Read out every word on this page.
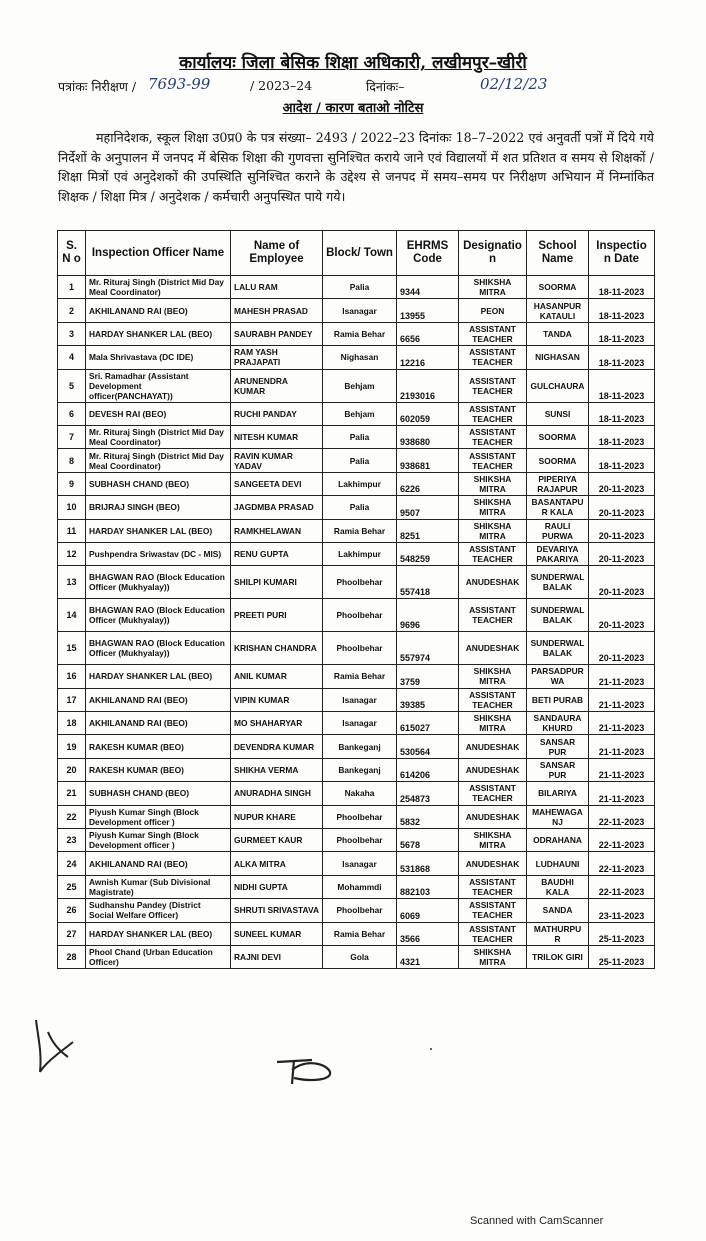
कार्यालयः जिला बेसिक शिक्षा अधिकारी, लखीमपुर–खीरी
पत्रांकः निरीक्षण / 7693-99	/ 2023–24	दिनांकः–	02/12/23
आदेश / कारण बताओ नोटिस
महानिदेशक, स्कूल शिक्षा उ0प्र0 के पत्र संख्या– 2493 / 2022–23 दिनांकः 18–7–2022 एवं अनुवर्ती पत्रों में दिये गये निर्देशों के अनुपालन में जनपद में बेसिक शिक्षा की गुणवत्ता सुनिश्चित कराये जाने एवं विद्यालयों में शत प्रतिशत व समय से शिक्षकों / शिक्षा मित्रों एवं अनुदेशकों की उपस्थिति सुनिश्चित कराने के उद्देश्य से जनपद में समय–समय पर निरीक्षण अभियान में निम्नांकित शिक्षक / शिक्षा मित्र / अनुदेशक / कर्मचारी अनुपस्थित पाये गये।
S. N o	Inspection Officer Name	Name of Employee	Block/ Town	EHRMS Code	Designatio n	School Name	Inspectio n Date
1	Mr. Rituraj Singh (District Mid Day Meal Coordinator)	LALU RAM	Palia	9344	SHIKSHA MITRA	SOORMA	18-11-2023
2	AKHILANAND RAI (BEO)	MAHESH PRASAD	Isanagar	13955	PEON	HASANPUR KATAULI	18-11-2023
3	HARDAY SHANKER LAL (BEO)	SAURABH PANDEY	Ramia Behar	6656	ASSISTANT TEACHER	TANDA	18-11-2023
4	Mala Shrivastava (DC IDE)	RAM YASH PRAJAPATI	Nighasan	12216	ASSISTANT TEACHER	NIGHASAN	18-11-2023
5	Sri. Ramadhar (Assistant Development officer(PANCHAYAT))	ARUNENDRA KUMAR	Behjam	2193016	ASSISTANT TEACHER	GULCHAURA	18-11-2023
6	DEVESH RAI (BEO)	RUCHI PANDAY	Behjam	602059	ASSISTANT TEACHER	SUNSI	18-11-2023
7	Mr. Rituraj Singh (District Mid Day Meal Coordinator)	NITESH KUMAR	Palia	938680	ASSISTANT TEACHER	SOORMA	18-11-2023
8	Mr. Rituraj Singh (District Mid Day Meal Coordinator)	RAVIN KUMAR YADAV	Palia	938681	ASSISTANT TEACHER	SOORMA	18-11-2023
9	SUBHASH CHAND (BEO)	SANGEETA DEVI	Lakhimpur	6226	SHIKSHA MITRA	PIPERIYA RAJAPUR	20-11-2023
10	BRIJRAJ SINGH (BEO)	JAGDMBA PRASAD	Palia	9507	SHIKSHA MITRA	BASANTAPU R KALA	20-11-2023
11	HARDAY SHANKER LAL (BEO)	RAMKHELAWAN	Ramia Behar	8251	SHIKSHA MITRA	RAULI PURWA	20-11-2023
12	Pushpendra Sriwastav (DC - MIS)	RENU GUPTA	Lakhimpur	548259	ASSISTANT TEACHER	DEVARIYA PAKARIYA	20-11-2023
13	BHAGWAN RAO (Block Education Officer (Mukhyalay))	SHILPI KUMARI	Phoolbehar	557418	ANUDESHAK	SUNDERWAL BALAK	20-11-2023
14	BHAGWAN RAO (Block Education Officer (Mukhyalay))	PREETI PURI	Phoolbehar	9696	ASSISTANT TEACHER	SUNDERWAL BALAK	20-11-2023
15	BHAGWAN RAO (Block Education Officer (Mukhyalay))	KRISHAN CHANDRA	Phoolbehar	557974	ANUDESHAK	SUNDERWAL BALAK	20-11-2023
16	HARDAY SHANKER LAL (BEO)	ANIL KUMAR	Ramia Behar	3759	SHIKSHA MITRA	PARSADPUR WA	21-11-2023
17	AKHILANAND RAI (BEO)	VIPIN KUMAR	Isanagar	39385	ASSISTANT TEACHER	BETI PURAB	21-11-2023
18	AKHILANAND RAI (BEO)	MO SHAHARYAR	Isanagar	615027	SHIKSHA MITRA	SANDAURA KHURD	21-11-2023
19	RAKESH KUMAR (BEO)	DEVENDRA KUMAR	Bankeganj	530564	ANUDESHAK	SANSAR PUR	21-11-2023
20	RAKESH KUMAR (BEO)	SHIKHA VERMA	Bankeganj	614206	ANUDESHAK	SANSAR PUR	21-11-2023
21	SUBHASH CHAND (BEO)	ANURADHA SINGH	Nakaha	254873	ASSISTANT TEACHER	BILARIYA	21-11-2023
22	Piyush Kumar Singh (Block Development officer )	NUPUR KHARE	Phoolbehar	5832	ANUDESHAK	MAHEWAGA NJ	22-11-2023
23	Piyush Kumar Singh (Block Development officer )	GURMEET KAUR	Phoolbehar	5678	SHIKSHA MITRA	ODRAHANA	22-11-2023
24	AKHILANAND RAI (BEO)	ALKA MITRA	Isanagar	531868	ANUDESHAK	LUDHAUNI	22-11-2023
25	Awnish Kumar (Sub Divisional Magistrate)	NIDHI GUPTA	Mohammdi	882103	ASSISTANT TEACHER	BAUDHI KALA	22-11-2023
26	Sudhanshu Pandey (District Social Welfare Officer)	SHRUTI SRIVASTAVA	Phoolbehar	6069	ASSISTANT TEACHER	SANDA	23-11-2023
27	HARDAY SHANKER LAL (BEO)	SUNEEL KUMAR	Ramia Behar	3566	ASSISTANT TEACHER	MATHURPU R	25-11-2023
28	Phool Chand (Urban Education Officer)	RAJNI DEVI	Gola	4321	SHIKSHA MITRA	TRILOK GIRI	25-11-2023
Scanned with CamScanner
